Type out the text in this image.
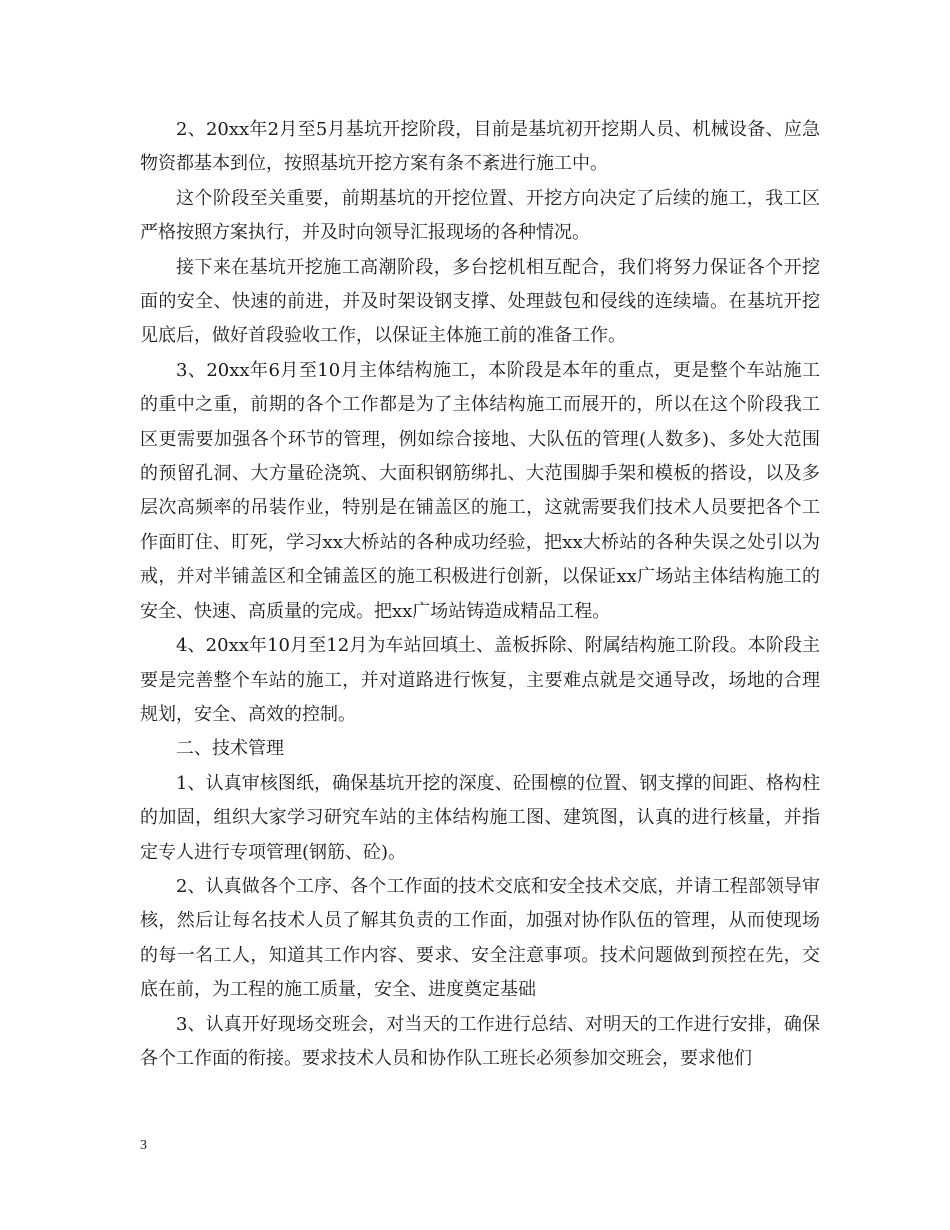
2、20xx年2月至5月基坑开挖阶段，目前是基坑初开挖期人员、机械设备、应急物资都基本到位，按照基坑开挖方案有条不紊进行施工中。

这个阶段至关重要，前期基坑的开挖位置、开挖方向决定了后续的施工，我工区严格按照方案执行，并及时向领导汇报现场的各种情况。

接下来在基坑开挖施工高潮阶段，多台挖机相互配合，我们将努力保证各个开挖面的安全、快速的前进，并及时架设钢支撑、处理鼓包和侵线的连续墙。在基坑开挖见底后，做好首段验收工作，以保证主体施工前的准备工作。

3、20xx年6月至10月主体结构施工，本阶段是本年的重点，更是整个车站施工的重中之重，前期的各个工作都是为了主体结构施工而展开的，所以在这个阶段我工区更需要加强各个环节的管理，例如综合接地、大队伍的管理(人数多)、多处大范围的预留孔洞、大方量砼浇筑、大面积钢筋绑扎、大范围脚手架和模板的搭设，以及多层次高频率的吊装作业，特别是在铺盖区的施工，这就需要我们技术人员要把各个工作面盯住、盯死，学习xx大桥站的各种成功经验，把xx大桥站的各种失误之处引以为戒，并对半铺盖区和全铺盖区的施工积极进行创新，以保证xx广场站主体结构施工的安全、快速、高质量的完成。把xx广场站铸造成精品工程。

4、20xx年10月至12月为车站回填土、盖板拆除、附属结构施工阶段。本阶段主要是完善整个车站的施工，并对道路进行恢复，主要难点就是交通导改，场地的合理规划，安全、高效的控制。

二、技术管理

1、认真审核图纸，确保基坑开挖的深度、砼围檩的位置、钢支撑的间距、格构柱的加固，组织大家学习研究车站的主体结构施工图、建筑图，认真的进行核量，并指定专人进行专项管理(钢筋、砼)。

2、认真做各个工序、各个工作面的技术交底和安全技术交底，并请工程部领导审核，然后让每名技术人员了解其负责的工作面，加强对协作队伍的管理，从而使现场的每一名工人，知道其工作内容、要求、安全注意事项。技术问题做到预控在先，交底在前，为工程的施工质量，安全、进度奠定基础

3、认真开好现场交班会，对当天的工作进行总结、对明天的工作进行安排，确保各个工作面的衔接。要求技术人员和协作队工班长必须参加交班会，要求他们

3
